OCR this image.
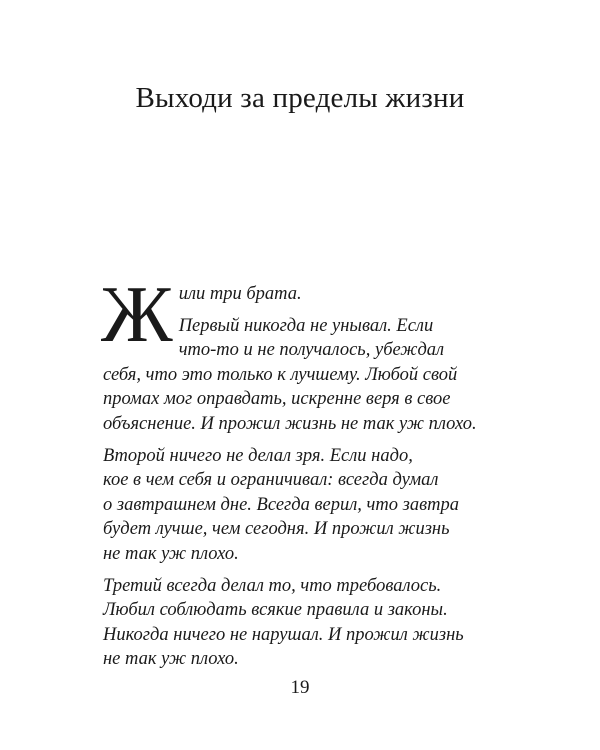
Выходи за пределы жизни
Ж или три брата.

Первый никогда не унывал. Если
что-то и не получалось, убеждал
себя, что это только к лучшему. Любой свой
промах мог оправдать, искренне веря в свое
объяснение. И прожил жизнь не так уж плохо.

Второй ничего не делал зря. Если надо,
кое в чем себя и ограничивал: всегда думал
о завтрашнем дне. Всегда верил, что завтра
будет лучше, чем сегодня. И прожил жизнь
не так уж плохо.

Третий всегда делал то, что требовалось.
Любил соблюдать всякие правила и законы.
Никогда ничего не нарушал. И прожил жизнь
не так уж плохо.

19
